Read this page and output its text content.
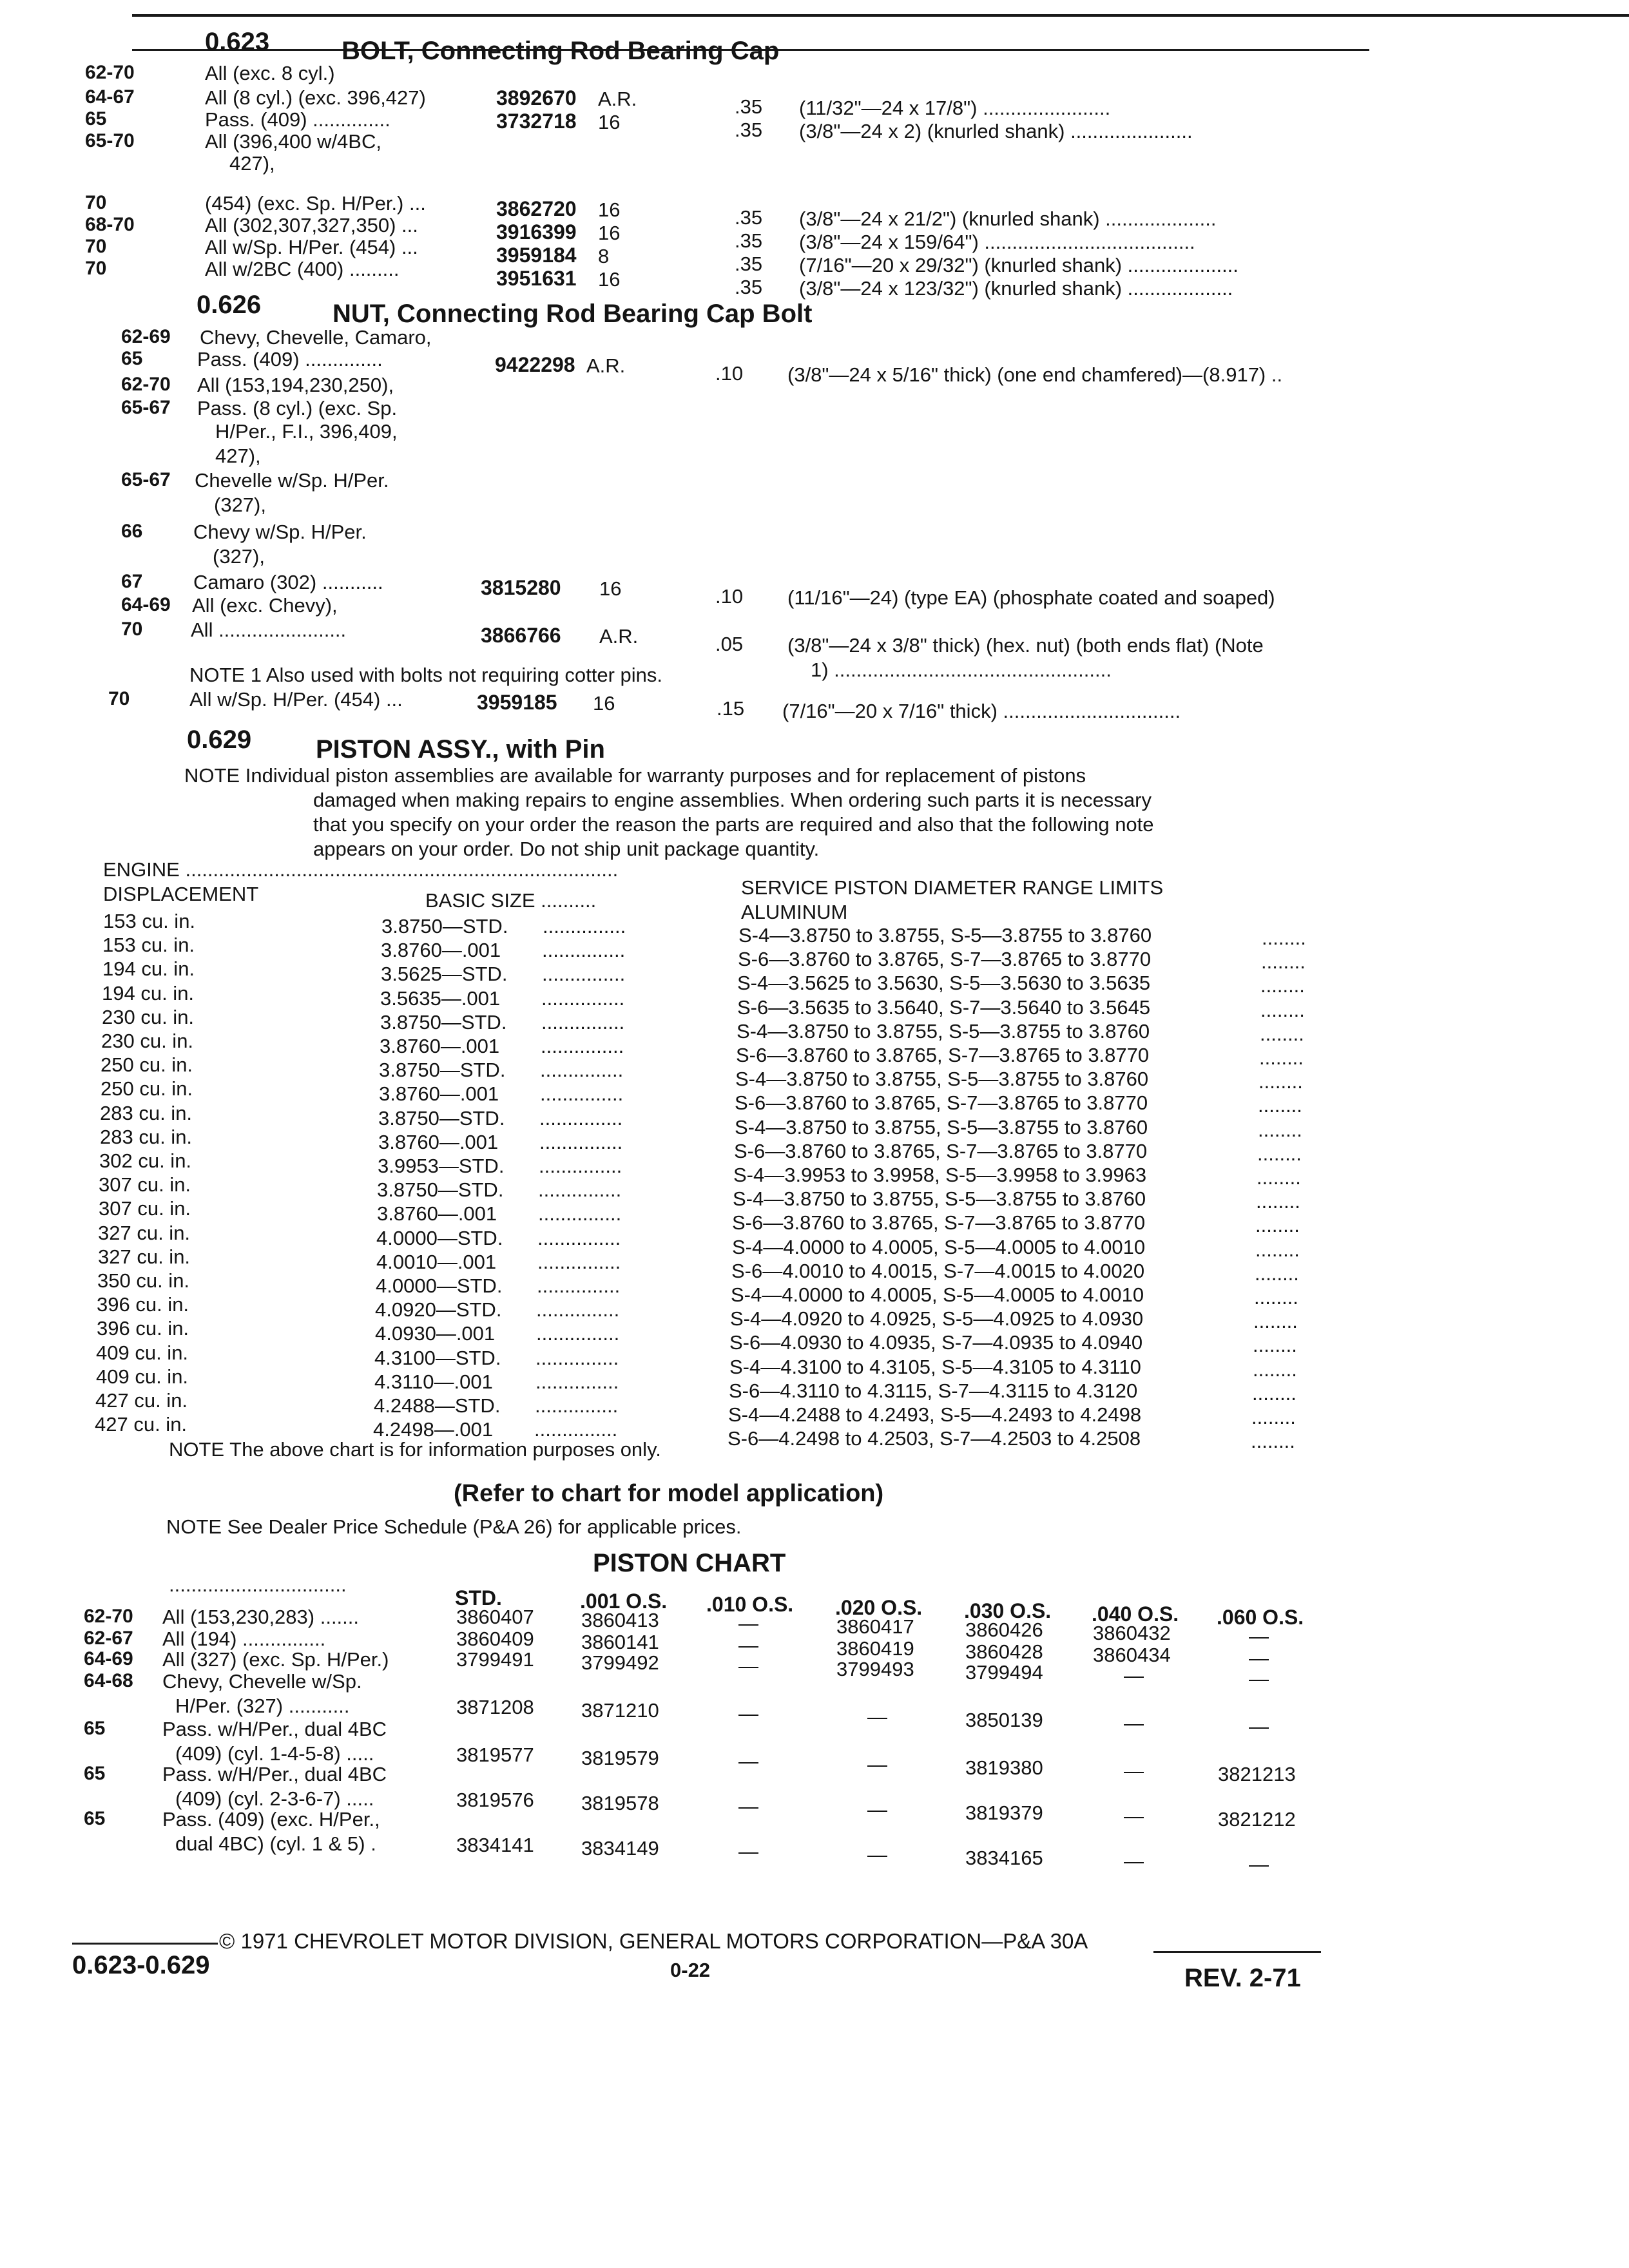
0.623	BOLT, Connecting Rod Bearing Cap
62-70	All (exc. 8 cyl.)
64-67	All (8 cyl.) (exc. 396,427)	3892670 A.R.	.35 (11/32"—24 x 17/8") .......................
65	Pass. (409) ..............	3732718 16	.35 (3/8"—24 x 2) (knurled shank) ......................
65-70	All (396,400 w/4BC,
427),
70	(454) (exc. Sp. H/Per.) ...	3862720 16	.35 (3/8"—24 x 21/2") (knurled shank) ....................
68-70	All (302,307,327,350) ...	3916399 16	.35 (3/8"—24 x 159/64") ......................................
70	All w/Sp. H/Per. (454) ...	3959184 8	.35 (7/16"—20 x 29/32") (knurled shank) ....................
70	All w/2BC (400) .........	3951631 16	.35 (3/8"—24 x 123/32") (knurled shank) ...................
0.626	NUT, Connecting Rod Bearing Cap Bolt
62-69 Chevy, Chevelle, Camaro,
65	Pass. (409) ..............	9422298 A.R.	.10 (3/8"—24 x 5/16" thick) (one end chamfered)—(8.917) ..
62-70 All (153,194,230,250),
65-67 Pass. (8 cyl.) (exc. Sp.
H/Per., F.I., 396,409,
427),
65-67 Chevelle w/Sp. H/Per.
(327),
66	Chevy w/Sp. H/Per.
(327),
67	Camaro (302) ...........	3815280 16	.10 (11/16"—24) (type EA) (phosphate coated and soaped)
64-69 All (exc. Chevy),
70 All .......................	3866766 A.R.	.05 (3/8"—24 x 3/8" thick) (hex. nut) (both ends flat) (Note
1) ..................................................
NOTE 1 Also used with bolts not requiring cotter pins.
70	All w/Sp. H/Per. (454) ...	3959185 16	.15 (7/16"—20 x 7/16" thick) ................................
0.629 PISTON ASSY., with Pin
NOTE Individual piston assemblies are available for warranty purposes and for replacement of pistons
damaged when making repairs to engine assemblies. When ordering such parts it is necessary
that you specify on your order the reason the parts are required and also that the following note
appears on your order. Do not ship unit package quantity.
ENGINE ..............................................................................
DISPLACEMENT	BASIC SIZE ..........
SERVICE PISTON DIAMETER RANGE LIMITS
ALUMINUM
153 cu. in.	3.8750—STD. ...............	S-4—3.8750 to 3.8755, S-5—3.8755 to 3.8760	........
153 cu. in.	3.8760—.001 ...............	S-6—3.8760 to 3.8765, S-7—3.8765 to 3.8770	........
194 cu. in.	3.5625—STD. ...............	S-4—3.5625 to 3.5630, S-5—3.5630 to 3.5635	........
194 cu. in.	3.5635—.001 ...............	S-6—3.5635 to 3.5640, S-7—3.5640 to 3.5645	........
230 cu. in.	3.8750—STD. ...............	S-4—3.8750 to 3.8755, S-5—3.8755 to 3.8760	........
230 cu. in.	3.8760—.001 ...............	S-6—3.8760 to 3.8765, S-7—3.8765 to 3.8770	........
250 cu. in.	3.8750—STD. ...............	S-4—3.8750 to 3.8755, S-5—3.8755 to 3.8760	........
250 cu. in.	3.8760—.001 ...............	S-6—3.8760 to 3.8765, S-7—3.8765 to 3.8770	........
283 cu. in.	3.8750—STD. ...............	S-4—3.8750 to 3.8755, S-5—3.8755 to 3.8760	........
283 cu. in.	3.8760—.001 ...............	S-6—3.8760 to 3.8765, S-7—3.8765 to 3.8770	........
302 cu. in.	3.9953—STD. ...............	S-4—3.9953 to 3.9958, S-5—3.9958 to 3.9963	........
307 cu. in.	3.8750—STD. ...............	S-4—3.8750 to 3.8755, S-5—3.8755 to 3.8760	........
307 cu. in.	3.8760—.001 ...............	S-6—3.8760 to 3.8765, S-7—3.8765 to 3.8770	........
327 cu. in.	4.0000—STD. ...............	S-4—4.0000 to 4.0005, S-5—4.0005 to 4.0010	........
327 cu. in.	4.0010—.001 ...............	S-6—4.0010 to 4.0015, S-7—4.0015 to 4.0020	........
350 cu. in.	4.0000—STD. ...............	S-4—4.0000 to 4.0005, S-5—4.0005 to 4.0010	........
396 cu. in.	4.0920—STD. ...............	S-4—4.0920 to 4.0925, S-5—4.0925 to 4.0930	........
396 cu. in.	4.0930—.001 ...............	S-6—4.0930 to 4.0935, S-7—4.0935 to 4.0940	........
409 cu. in.	4.3100—STD. ...............	S-4—4.3100 to 4.3105, S-5—4.3105 to 4.3110	........
409 cu. in.	4.3110—.001 ...............	S-6—4.3110 to 4.3115, S-7—4.3115 to 4.3120	........
427 cu. in.	4.2488—STD. ...............	S-4—4.2488 to 4.2493, S-5—4.2493 to 4.2498	........
427 cu. in.	4.2498—.001 ...............	S-6—4.2498 to 4.2503, S-7—4.2503 to 4.2508	........
NOTE The above chart is for information purposes only.
(Refer to chart for model application)
NOTE See Dealer Price Schedule (P&A 26) for applicable prices.
PISTON CHART
................................
STD.	.001 O.S. .010 O.S. .020 O.S. .030 O.S. .040 O.S. .060 O.S.
62-70 All (153,230,283) .......	3860407 3860413	—	3860417	3860426 3860432	—
62-67 All (194) ...............	3860409 3860141	—	3860419	3860428 3860434	—
64-69 All (327) (exc. Sp. H/Per.)	3799491 3799492	—	3799493	3799494	—	—
64-68 Chevy, Chevelle w/Sp.
H/Per. (327) ...........	3871208 3871210	—	—	3850139	—	—
65	Pass. w/H/Per., dual 4BC
(409) (cyl. 1-4-5-8) .....	3819577 3819579	—	—	3819380	—	3821213
65	Pass. w/H/Per., dual 4BC
(409) (cyl. 2-3-6-7) .....	3819576 3819578	—	—	3819379	—	3821212
65	Pass. (409) (exc. H/Per.,
dual 4BC) (cyl. 1 & 5) .	3834141 3834149	—	—	3834165	—	—
© 1971 CHEVROLET MOTOR DIVISION, GENERAL MOTORS CORPORATION—P&A 30A
0.623-0.629	0-22	REV. 2-71
